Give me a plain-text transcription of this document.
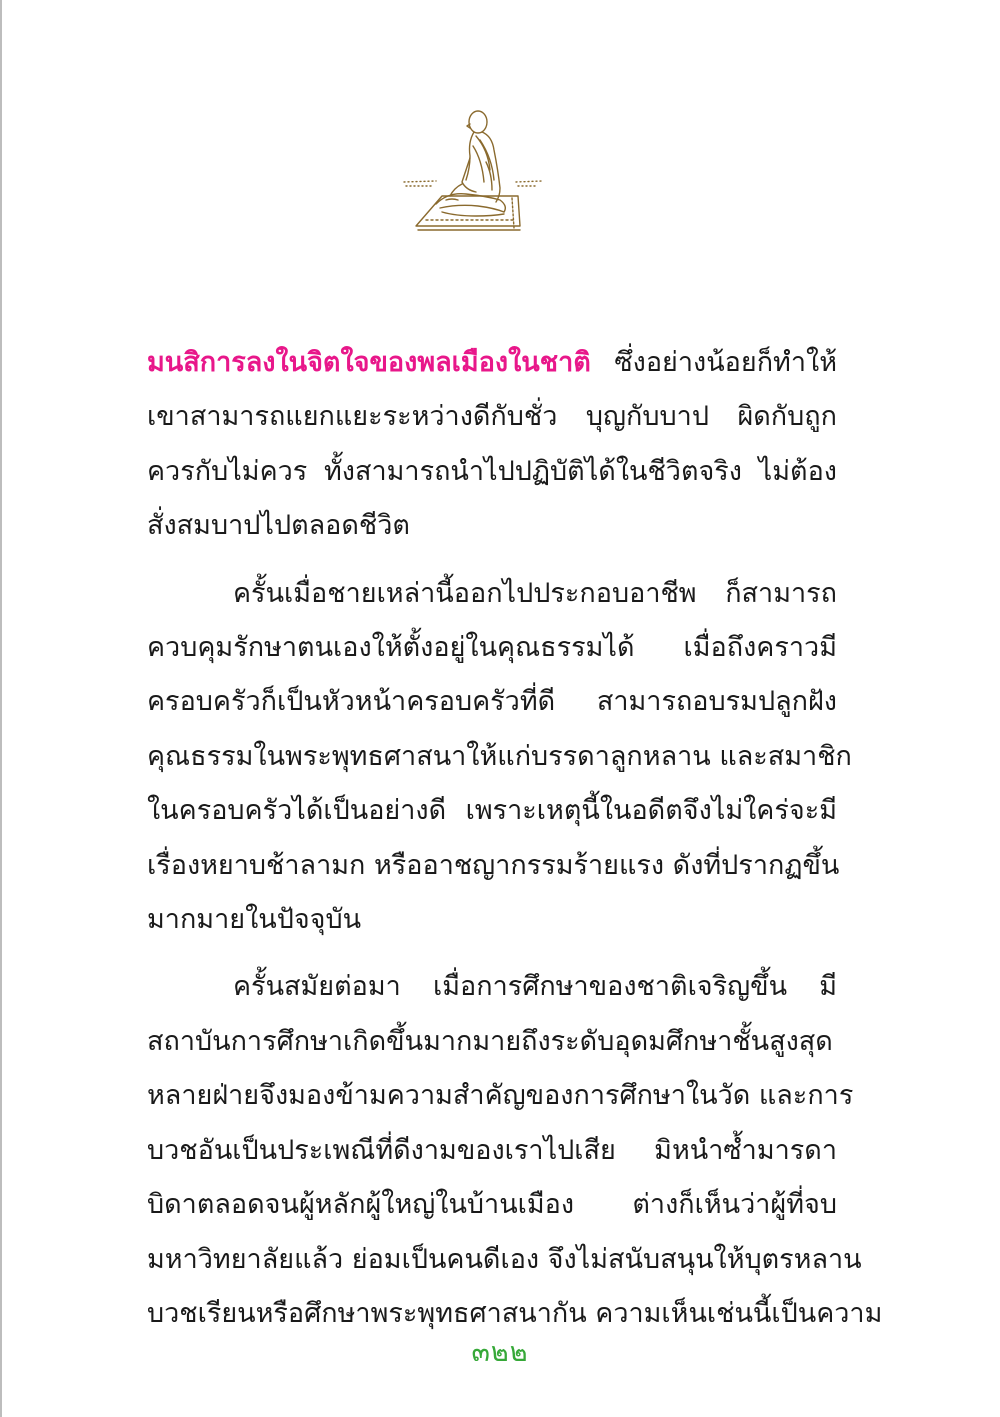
มนสิการลงในจิตใจของพลเมืองในชาติ ซึ่งอย่างน้อยก็ทำให้
เขาสามารถแยกแยะระหว่างดีกับชั่ว บุญกับบาป ผิดกับถูก
ควรกับไม่ควร ทั้งสามารถนำไปปฏิบัติได้ในชีวิตจริง ไม่ต้อง
สั่งสมบาปไปตลอดชีวิต
ครั้นเมื่อชายเหล่านี้ออกไปประกอบอาชีพ ก็สามารถ
ควบคุมรักษาตนเองให้ตั้งอยู่ในคุณธรรมได้ เมื่อถึงคราวมี
ครอบครัวก็เป็นหัวหน้าครอบครัวที่ดี สามารถอบรมปลูกฝัง
คุณธรรมในพระพุทธศาสนาให้แก่บรรดาลูกหลาน และสมาชิก
ในครอบครัวได้เป็นอย่างดี เพราะเหตุนี้ในอดีตจึงไม่ใคร่จะมี
เรื่องหยาบช้าลามก หรืออาชญากรรมร้ายแรง ดังที่ปรากฏขึ้น
มากมายในปัจจุบัน
ครั้นสมัยต่อมา เมื่อการศึกษาของชาติเจริญขึ้น มี
สถาบันการศึกษาเกิดขึ้นมากมายถึงระดับอุดมศึกษาชั้นสูงสุด
หลายฝ่ายจึงมองข้ามความสำคัญของการศึกษาในวัด และการ
บวชอันเป็นประเพณีที่ดีงามของเราไปเสีย มิหนำซ้ำมารดา
บิดาตลอดจนผู้หลักผู้ใหญ่ในบ้านเมือง ต่างก็เห็นว่าผู้ที่จบ
มหาวิทยาลัยแล้ว ย่อมเป็นคนดีเอง จึงไม่สนับสนุนให้บุตรหลาน
บวชเรียนหรือศึกษาพระพุทธศาสนากัน ความเห็นเช่นนี้เป็นความ
๓๒๒
